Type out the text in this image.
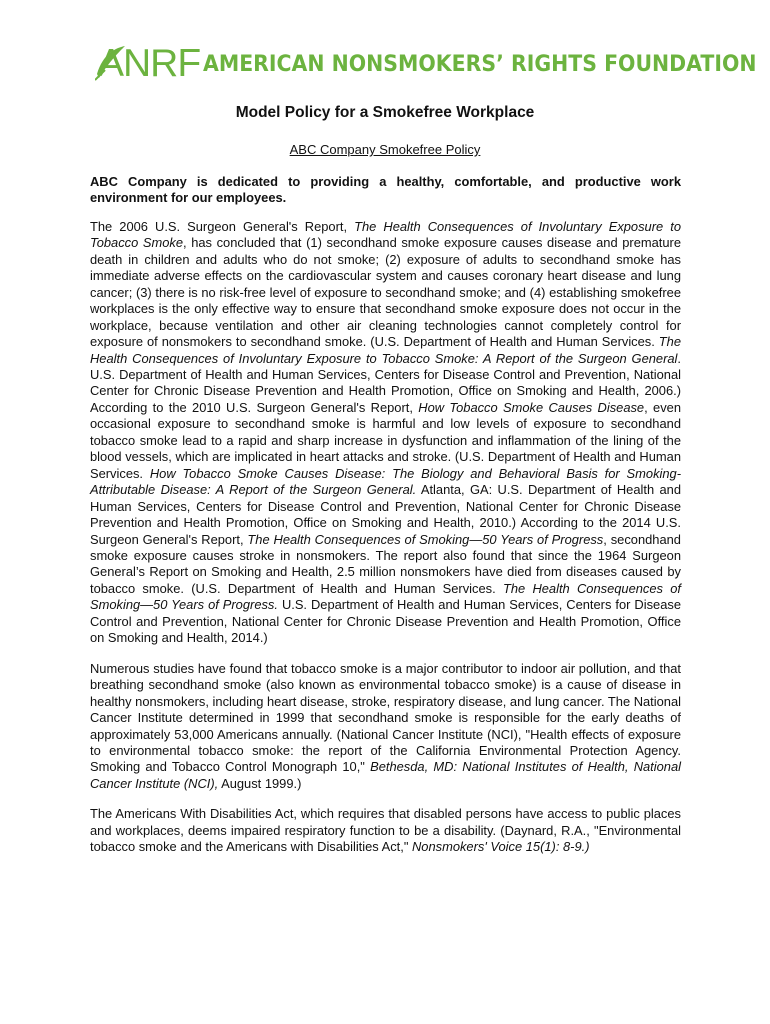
ANRF AMERICAN NONSMOKERS’ RIGHTS FOUNDATION
Model Policy for a Smokefree Workplace
ABC Company Smokefree Policy

ABC Company is dedicated to providing a healthy, comfortable, and productive work environment for our employees.

The 2006 U.S. Surgeon General's Report, The Health Consequences of Involuntary Exposure to Tobacco Smoke, has concluded that (1) secondhand smoke exposure causes disease and premature death in children and adults who do not smoke; (2) exposure of adults to secondhand smoke has immediate adverse effects on the cardiovascular system and causes coronary heart disease and lung cancer; (3) there is no risk-free level of exposure to secondhand smoke; and (4) establishing smokefree workplaces is the only effective way to ensure that secondhand smoke exposure does not occur in the workplace, because ventilation and other air cleaning technologies cannot completely control for exposure of nonsmokers to secondhand smoke. (U.S. Department of Health and Human Services. The Health Consequences of Involuntary Exposure to Tobacco Smoke: A Report of the Surgeon General. U.S. Department of Health and Human Services, Centers for Disease Control and Prevention, National Center for Chronic Disease Prevention and Health Promotion, Office on Smoking and Health, 2006.) According to the 2010 U.S. Surgeon General's Report, How Tobacco Smoke Causes Disease, even occasional exposure to secondhand smoke is harmful and low levels of exposure to secondhand tobacco smoke lead to a rapid and sharp increase in dysfunction and inflammation of the lining of the blood vessels, which are implicated in heart attacks and stroke. (U.S. Department of Health and Human Services. How Tobacco Smoke Causes Disease: The Biology and Behavioral Basis for Smoking-Attributable Disease: A Report of the Surgeon General. Atlanta, GA: U.S. Department of Health and Human Services, Centers for Disease Control and Prevention, National Center for Chronic Disease Prevention and Health Promotion, Office on Smoking and Health, 2010.) According to the 2014 U.S. Surgeon General's Report, The Health Consequences of Smoking—50 Years of Progress, secondhand smoke exposure causes stroke in nonsmokers. The report also found that since the 1964 Surgeon General’s Report on Smoking and Health, 2.5 million nonsmokers have died from diseases caused by tobacco smoke. (U.S. Department of Health and Human Services. The Health Consequences of Smoking—50 Years of Progress. U.S. Department of Health and Human Services, Centers for Disease Control and Prevention, National Center for Chronic Disease Prevention and Health Promotion, Office on Smoking and Health, 2014.)

Numerous studies have found that tobacco smoke is a major contributor to indoor air pollution, and that breathing secondhand smoke (also known as environmental tobacco smoke) is a cause of disease in healthy nonsmokers, including heart disease, stroke, respiratory disease, and lung cancer. The National Cancer Institute determined in 1999 that secondhand smoke is responsible for the early deaths of approximately 53,000 Americans annually. (National Cancer Institute (NCI), "Health effects of exposure to environmental tobacco smoke: the report of the California Environmental Protection Agency. Smoking and Tobacco Control Monograph 10," Bethesda, MD: National Institutes of Health, National Cancer Institute (NCI), August 1999.)

The Americans With Disabilities Act, which requires that disabled persons have access to public places and workplaces, deems impaired respiratory function to be a disability. (Daynard, R.A., "Environmental tobacco smoke and the Americans with Disabilities Act," Nonsmokers' Voice 15(1): 8-9.)
